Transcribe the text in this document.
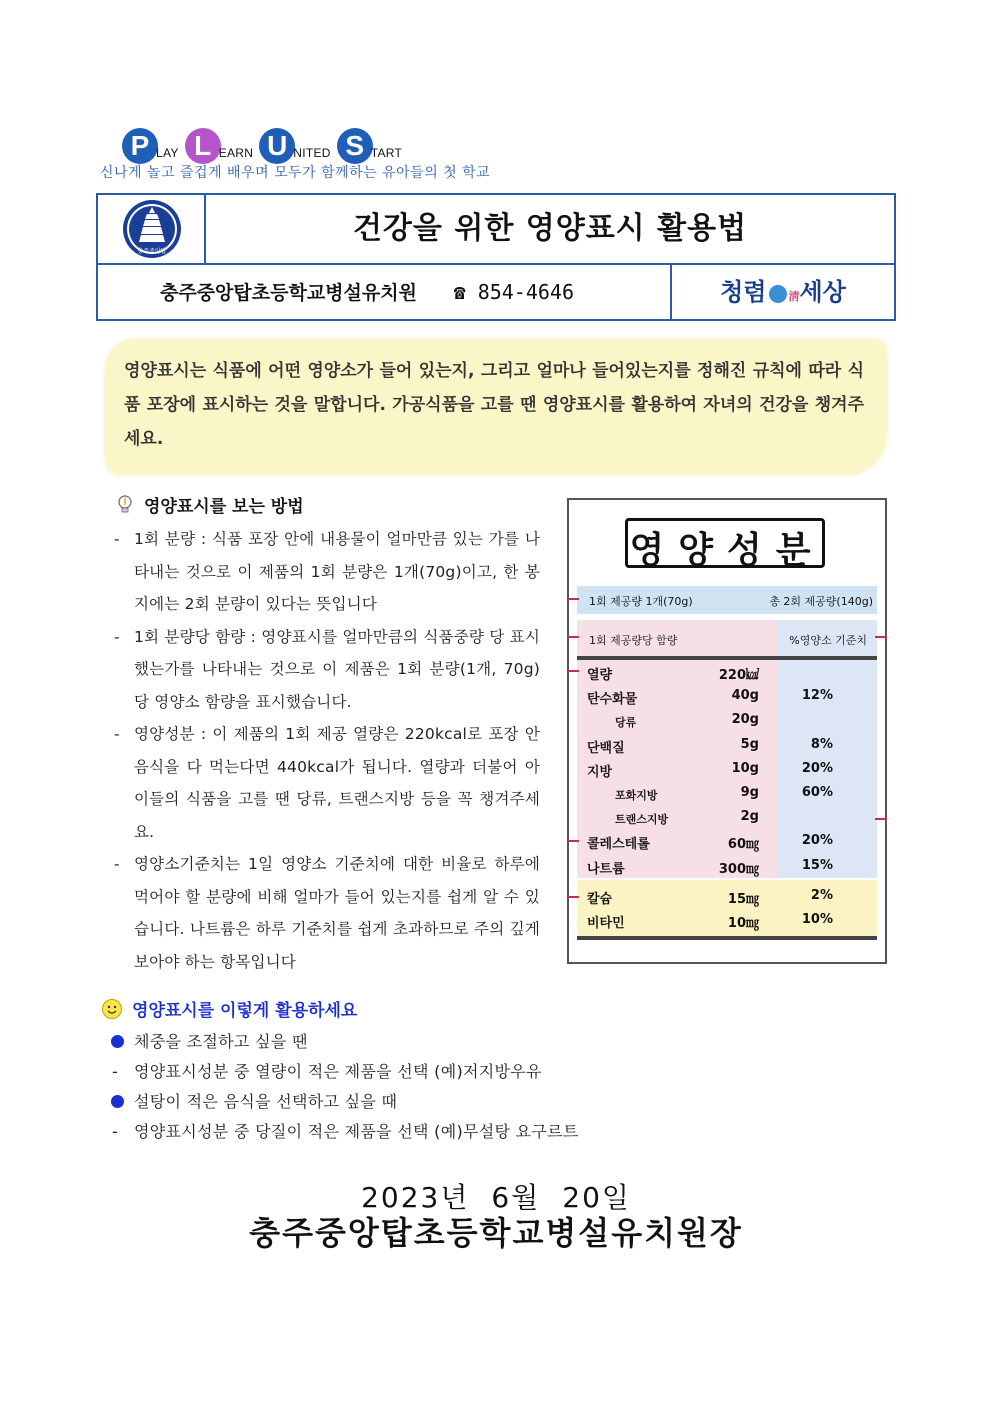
P LAY L EARN U NITED S TART
신나게 놀고 즐겁게 배우며 모두가 함께하는 유아들의 첫 학교
충주중앙탑
건강을 위한 영양표시 활용법
충주중앙탑초등학교병설유치원 ☎ 854-4646	청렴 淸세상
영양표시는 식품에 어떤 영양소가 들어 있는지, 그리고 얼마나 들어있는지를 정해진 규칙에 따라 식품 포장에 표시하는 것을 말합니다. 가공식품을 고를 땐 영양표시를 활용하여 자녀의 건강을 챙겨주세요.
영양표시를 보는 방법
- 1회 분량 : 식품 포장 안에 내용물이 얼마만큼 있는 가를 나타내는 것으로 이 제품의 1회 분량은 1개(70g)이고, 한 봉지에는 2회 분량이 있다는 뜻입니다
- 1회 분량당 함량 : 영양표시를 얼마만큼의 식품중량 당 표시했는가를 나타내는 것으로 이 제품은 1회 분량(1개, 70g)당 영양소 함량을 표시했습니다.
- 영양성분 : 이 제품의 1회 제공 열량은 220kcal로 포장 안 음식을 다 먹는다면 440kcal가 됩니다. 열량과 더불어 아이들의 식품을 고를 땐 당류, 트랜스지방 등을 꼭 챙겨주세요.
- 영양소기준치는 1일 영양소 기준치에 대한 비율로 하루에 먹어야 할 분량에 비해 얼마가 들어 있는지를 쉽게 알 수 있습니다. 나트륨은 하루 기준치를 쉽게 초과하므로 주의 깊게 보아야 하는 항목입니다
영양성분
1회 제공량 1개(70g)	총 2회 제공량(140g)
1회 제공량당 함량	%영양소 기준치
열량	220㎉
탄수화물	40g	12%
당류	20g
단백질	5g	8%
지방	10g	20%
포화지방	9g	60%
트랜스지방	2g
콜레스테롤	60㎎	20%
나트륨	300㎎	15%
칼슘	15㎎	2%
비타민	10㎎	10%
영양표시를 이렇게 활용하세요
체중을 조절하고 싶을 땐
- 영양표시성분 중 열량이 적은 제품을 선택 (예)저지방우유
설탕이 적은 음식을 선택하고 싶을 때
- 영양표시성분 중 당질이 적은 제품을 선택 (예)무설탕 요구르트
2023년 6월 20일
충주중앙탑초등학교병설유치원장
